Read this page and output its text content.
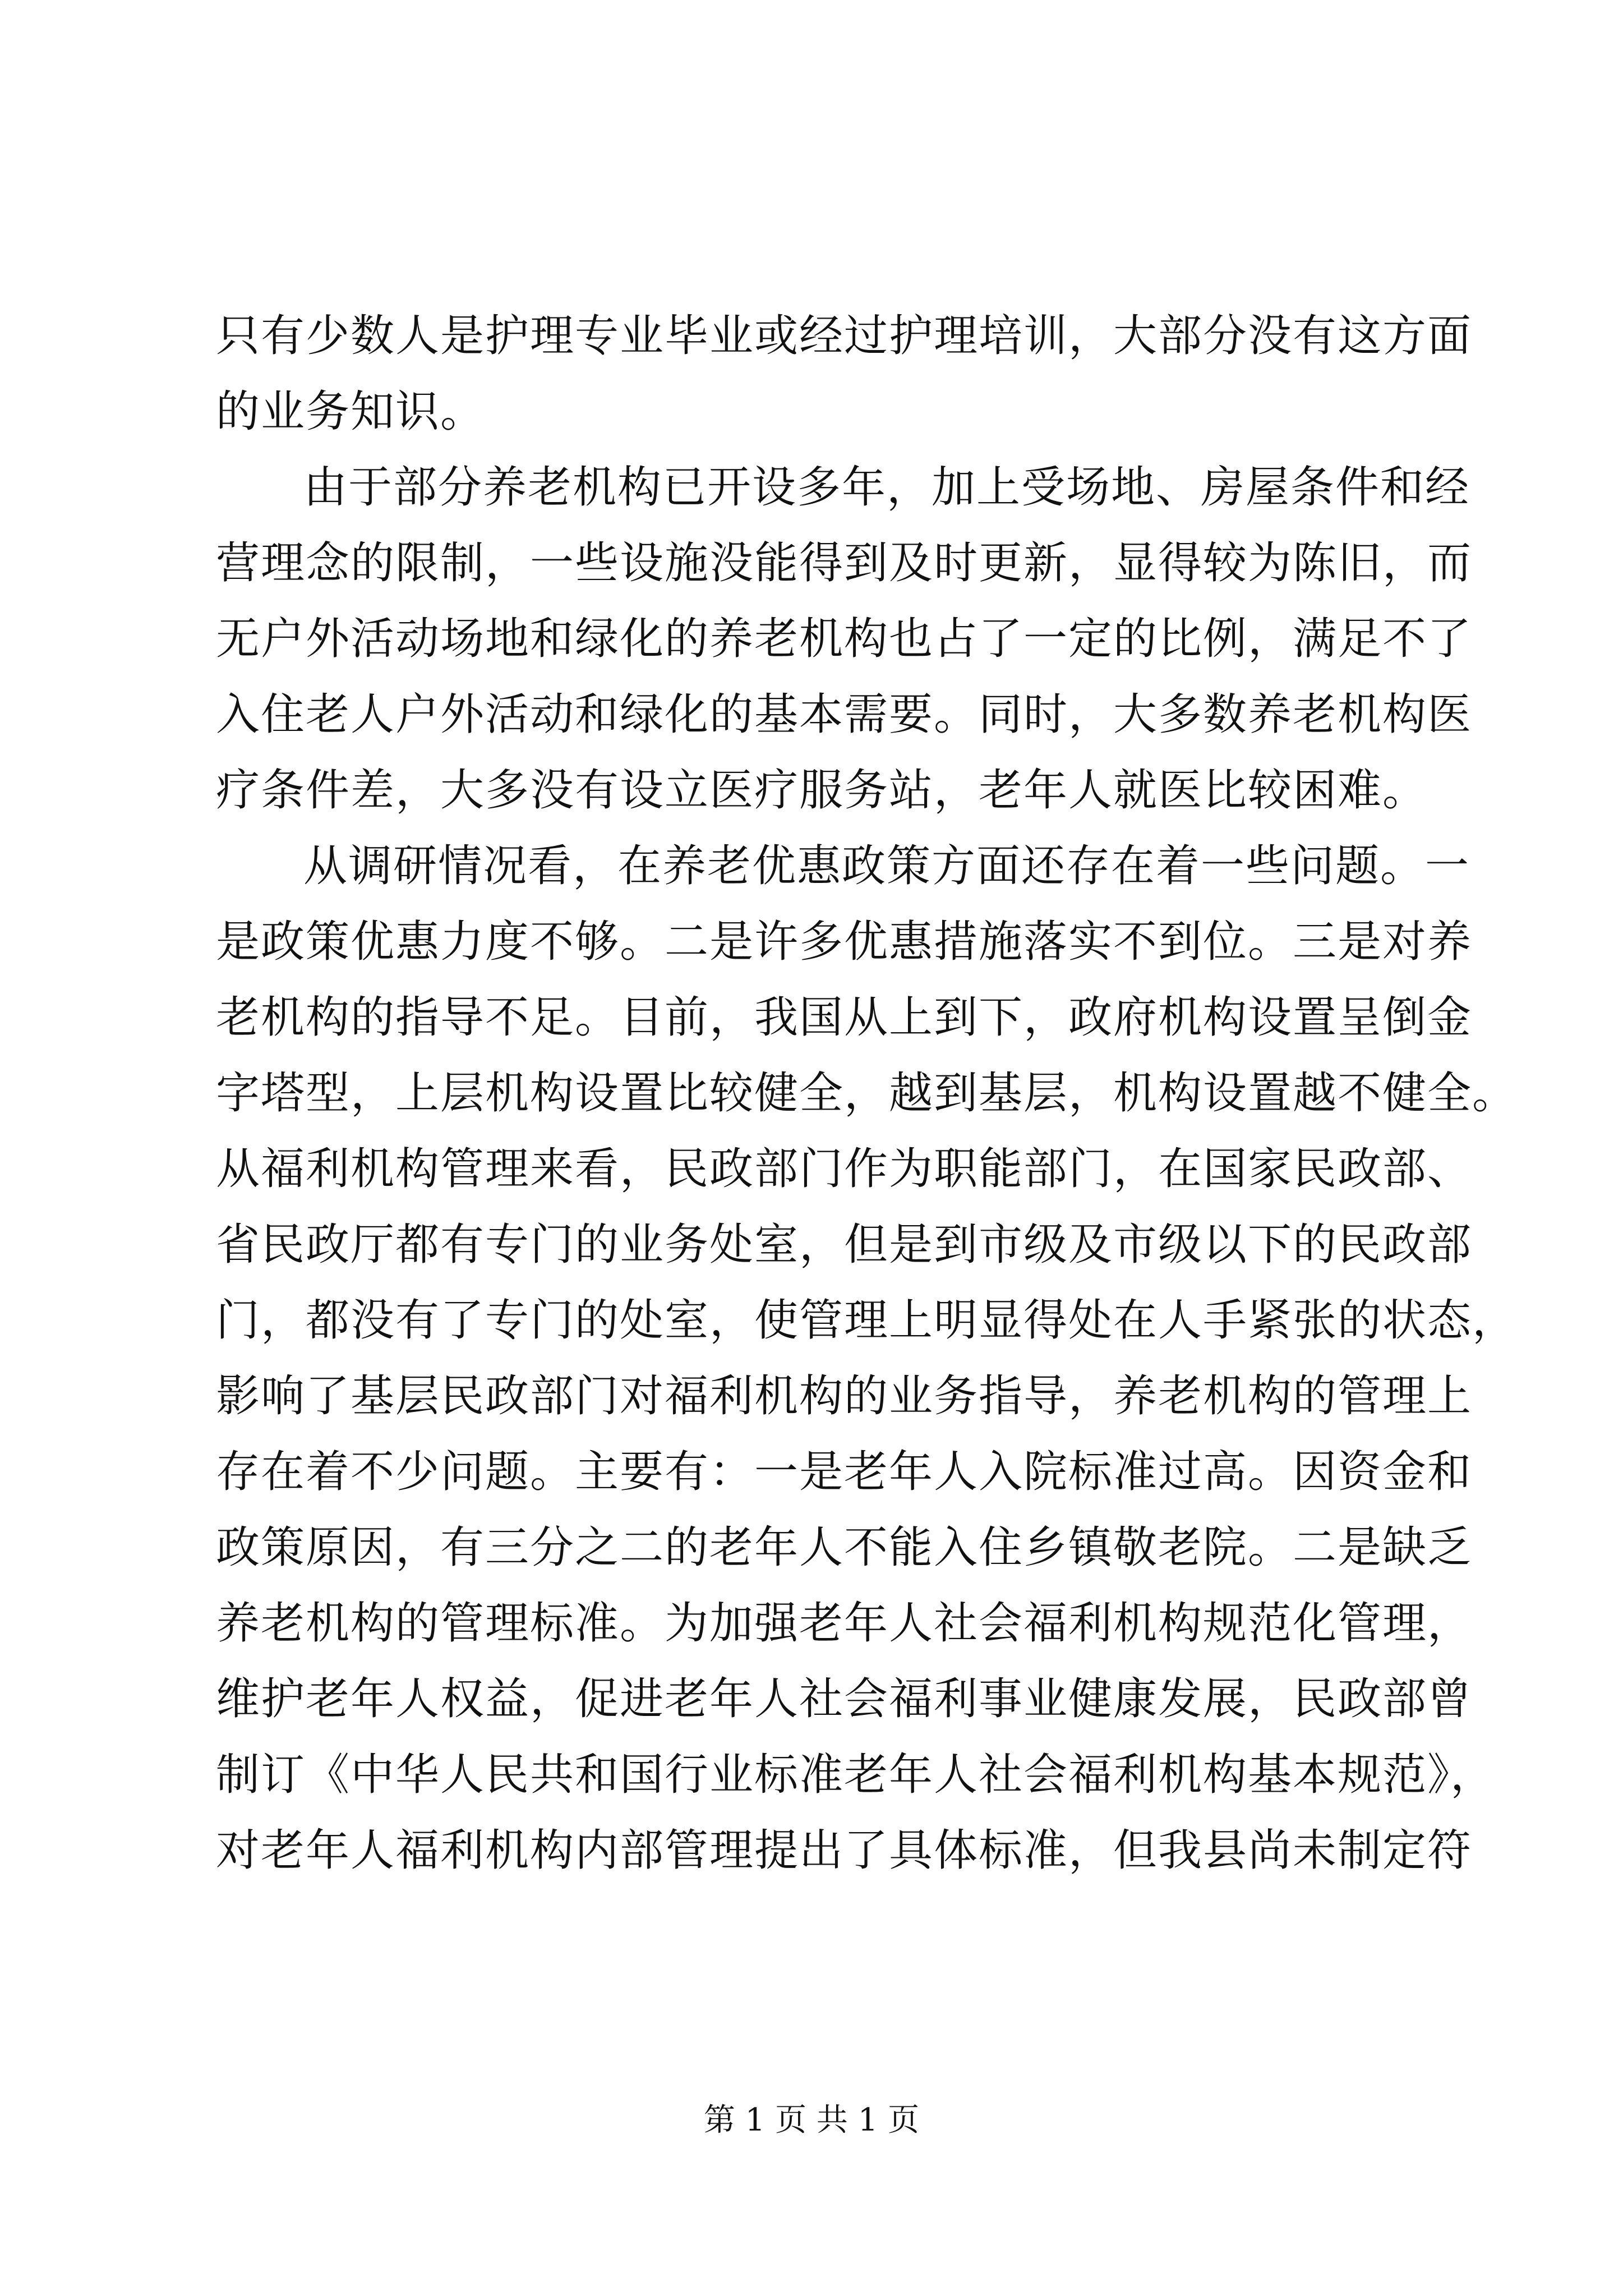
只有少数人是护理专业毕业或经过护理培训，大部分没有这方面
的业务知识。
由于部分养老机构已开设多年，加上受场地、房屋条件和经
营理念的限制，一些设施没能得到及时更新，显得较为陈旧，而
无户外活动场地和绿化的养老机构也占了一定的比例，满足不了
入住老人户外活动和绿化的基本需要。同时，大多数养老机构医
疗条件差，大多没有设立医疗服务站，老年人就医比较困难。
从调研情况看，在养老优惠政策方面还存在着一些问题。一
是政策优惠力度不够。二是许多优惠措施落实不到位。三是对养
老机构的指导不足。目前，我国从上到下，政府机构设置呈倒金
字塔型，上层机构设置比较健全，越到基层，机构设置越不健全。
从福利机构管理来看，民政部门作为职能部门，在国家民政部、
省民政厅都有专门的业务处室，但是到市级及市级以下的民政部
门，都没有了专门的处室，使管理上明显得处在人手紧张的状态，
影响了基层民政部门对福利机构的业务指导，养老机构的管理上
存在着不少问题。主要有：一是老年人入院标准过高。因资金和
政策原因，有三分之二的老年人不能入住乡镇敬老院。二是缺乏
养老机构的管理标准。为加强老年人社会福利机构规范化管理，
维护老年人权益，促进老年人社会福利事业健康发展，民政部曾
制订《中华人民共和国行业标准老年人社会福利机构基本规范》，
对老年人福利机构内部管理提出了具体标准，但我县尚未制定符
第 1 页 共 1 页
